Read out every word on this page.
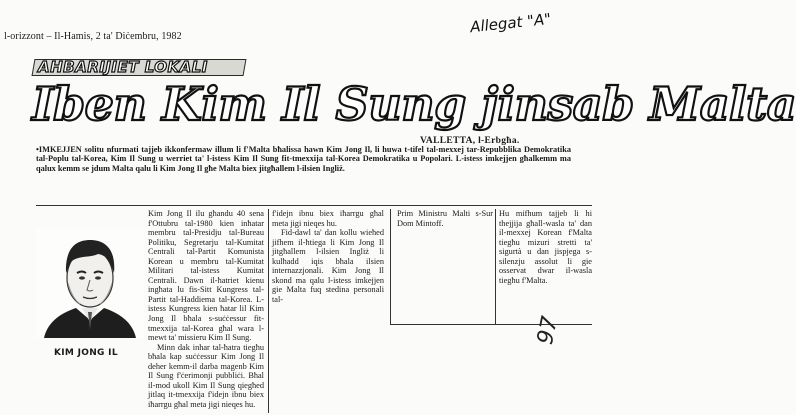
l-orizzont – Il-Hamis, 2 ta' Diċembru, 1982
Allegat "A"
AHBARIJIET LOKALI
Iben Kim Il Sung jinsab Malta
VALLETTA, l-Erbgħa.
•IMKEJJEN solitu nfurmati tajjeb ikkonfermaw illum li f'Malta bħalissa hawn Kim Jong Il, li huwa t-tifel tal-mexxej tar-Repubblika Demokratika tal-Poplu tal-Korea, Kim Il Sung u werriet ta' l-istess Kim Il Sung fit-tmexxija tal-Korea Demokratika u Popolari. L-istess imkejjen għalkemm ma qalux kemm se jdum Malta qalu li Kim Jong Il għe Malta biex jitgħallem l-ilsien Ingliż.
KIM JONG IL

Kim Jong Il ilu għandu 40 sena f'Ottubru tal-1980 kien inħatar membru tal-Presidju tal-Bureau Politiku, Segretarju tal-Kumitat Centrali tal-Partit Komunista Korean u membru tal-Kumitat Militari tal-istess Kumitat Centrali. Dawn il-ħatriet kienu ingħata lu fis-Sitt Kungress tal-Partit tal-Haddiema tal-Korea. L-istess Kungress kien ħatar lil Kim Jong Il bħala s-suċċessur fit-tmexxija tal-Korea għal wara l-mewt ta' missieru Kim Il Sung.

Minn dak inhar tal-ħatra tiegħu bħala kap suċċessur Kim Jong Il deher kemm-il darba magenb Kim Il Sung f'ċerimonji pubbliċi. Bħal il-mod ukoll Kim Il Sung qiegħed jitlaq it-tmexxija f'idejn ibnu biex iħarrgu għal meta jigi nieqes hu.

f'idejn ibnu biex iħarrgu għal meta jigi nieqes hu.

Fid-dawl ta' dan kollu wieħed jifhem il-ħtiega li Kim Jong Il jitgħallem l-ilsien Ingliż li kulħadd iqis bħala ilsien internazzjonali. Kim Jong Il skond ma qalu l-istess imkejjen gie Malta fuq stedina personali tal-

Prim Ministru Malti s-Sur Dom Mintoff.

Hu mifhum tajjeb li hi thejjija għall-wasla ta' dan il-mexxej Korean f'Malta tiegħu mizuri stretti ta' sigurtà u dan jispjega s-silenzju assolut li gie osservat dwar il-wasla tiegħu f'Malta.

97
